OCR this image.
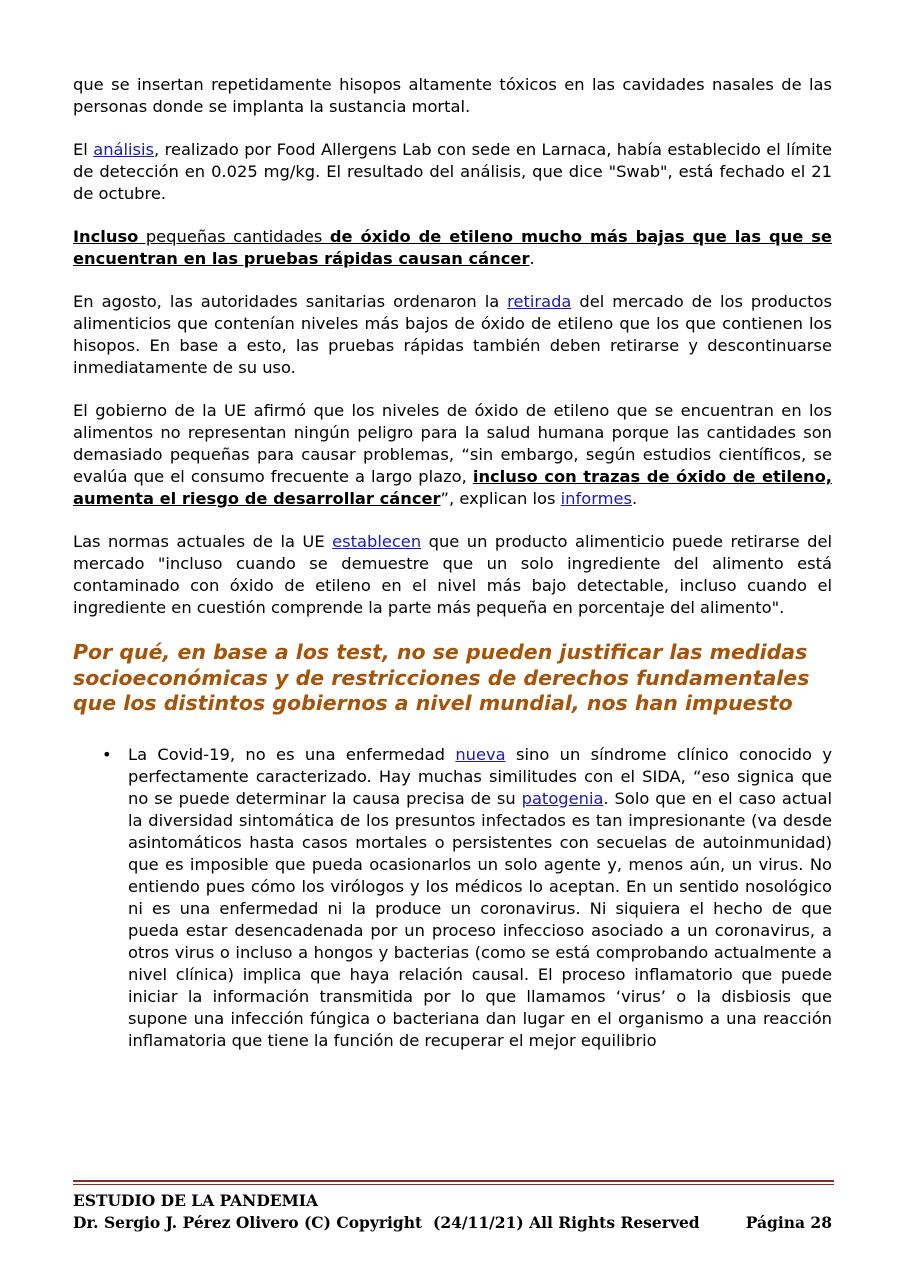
que se insertan repetidamente hisopos altamente tóxicos en las cavidades nasales de las personas donde se implanta la sustancia mortal.

El análisis, realizado por Food Allergens Lab con sede en Larnaca, había establecido el límite de detección en 0.025 mg/kg. El resultado del análisis, que dice "Swab", está fechado el 21 de octubre.

Incluso pequeñas cantidades de óxido de etileno mucho más bajas que las que se encuentran en las pruebas rápidas causan cáncer.

En agosto, las autoridades sanitarias ordenaron la retirada del mercado de los productos alimenticios que contenían niveles más bajos de óxido de etileno que los que contienen los hisopos. En base a esto, las pruebas rápidas también deben retirarse y descontinuarse inmediatamente de su uso.

El gobierno de la UE afirmó que los niveles de óxido de etileno que se encuentran en los alimentos no representan ningún peligro para la salud humana porque las cantidades son demasiado pequeñas para causar problemas, “sin embargo, según estudios científicos, se evalúa que el consumo frecuente a largo plazo, incluso con trazas de óxido de etileno, aumenta el riesgo de desarrollar cáncer”, explican los informes.

Las normas actuales de la UE establecen que un producto alimenticio puede retirarse del mercado "incluso cuando se demuestre que un solo ingrediente del alimento está contaminado con óxido de etileno en el nivel más bajo detectable, incluso cuando el ingrediente en cuestión comprende la parte más pequeña en porcentaje del alimento".

Por qué, en base a los test, no se pueden justificar las medidas socioeconómicas y de restricciones de derechos fundamentales que los distintos gobiernos a nivel mundial, nos han impuesto
• La Covid-19, no es una enfermedad nueva sino un síndrome clínico conocido y perfectamente caracterizado. Hay muchas similitudes con el SIDA, “eso signica que no se puede determinar la causa precisa de su patogenia. Solo que en el caso actual la diversidad sintomática de los presuntos infectados es tan impresionante (va desde asintomáticos hasta casos mortales o persistentes con secuelas de autoinmunidad) que es imposible que pueda ocasionarlos un solo agente y, menos aún, un virus. No entiendo pues cómo los virólogos y los médicos lo aceptan. En un sentido nosológico ni es una enfermedad ni la produce un coronavirus. Ni siquiera el hecho de que pueda estar desencadenada por un proceso infeccioso asociado a un coronavirus, a otros virus o incluso a hongos y bacterias (como se está comprobando actualmente a nivel clínica) implica que haya relación causal. El proceso inflamatorio que puede iniciar la información transmitida por lo que llamamos ‘virus’ o la disbiosis que supone una infección fúngica o bacteriana dan lugar en el organismo a una reacción inflamatoria que tiene la función de recuperar el mejor equilibrio
ESTUDIO DE LA PANDEMIA
Dr. Sergio J. Pérez Olivero (C) Copyright  (24/11/21) All Rights Reserved	Página 28
